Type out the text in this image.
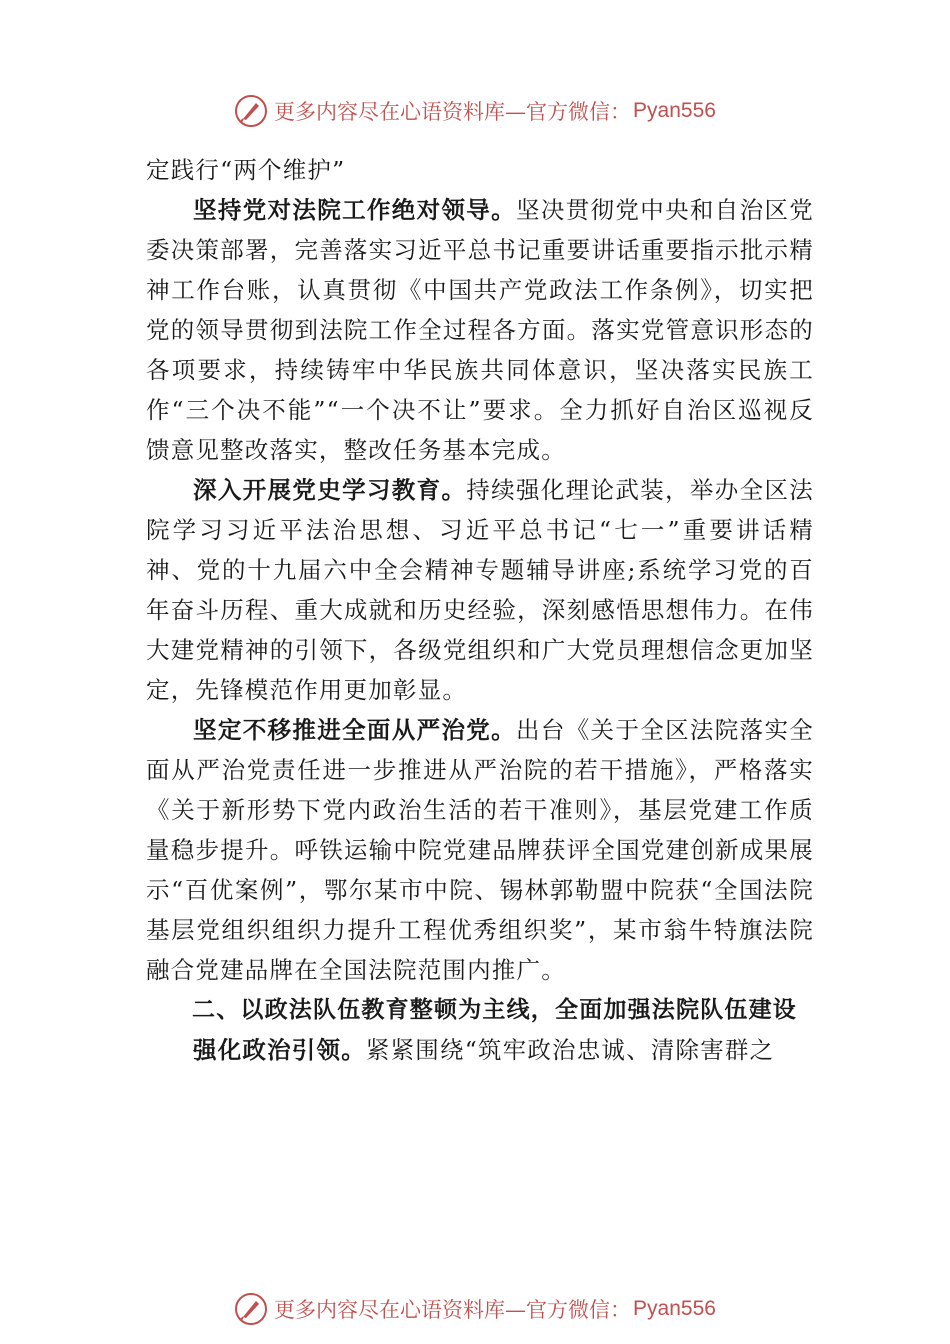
更多内容尽在心语资料库—官方微信： Pyan556

定践行“两个维护”

坚持党对法院工作绝对领导。坚决贯彻党中央和自治区党委决策部署，完善落实习近平总书记重要讲话重要指示批示精神工作台账，认真贯彻《中国共产党政法工作条例》，切实把党的领导贯彻到法院工作全过程各方面。落实党管意识形态的各项要求，持续铸牢中华民族共同体意识，坚决落实民族工作“三个决不能”“一个决不让”要求。全力抓好自治区巡视反馈意见整改落实，整改任务基本完成。

深入开展党史学习教育。持续强化理论武装，举办全区法院学习习近平法治思想、习近平总书记“七一”重要讲话精神、党的十九届六中全会精神专题辅导讲座;系统学习党的百年奋斗历程、重大成就和历史经验，深刻感悟思想伟力。在伟大建党精神的引领下，各级党组织和广大党员理想信念更加坚定，先锋模范作用更加彰显。

坚定不移推进全面从严治党。出台《关于全区法院落实全面从严治党责任进一步推进从严治院的若干措施》，严格落实《关于新形势下党内政治生活的若干准则》，基层党建工作质量稳步提升。呼铁运输中院党建品牌获评全国党建创新成果展示“百优案例”，鄂尔某市中院、锡林郭勒盟中院获“全国法院基层党组织组织力提升工程优秀组织奖”，某市翁牛特旗法院融合党建品牌在全国法院范围内推广。

二、以政法队伍教育整顿为主线，全面加强法院队伍建设

强化政治引领。紧紧围绕“筑牢政治忠诚、清除害群之

更多内容尽在心语资料库—官方微信： Pyan556
